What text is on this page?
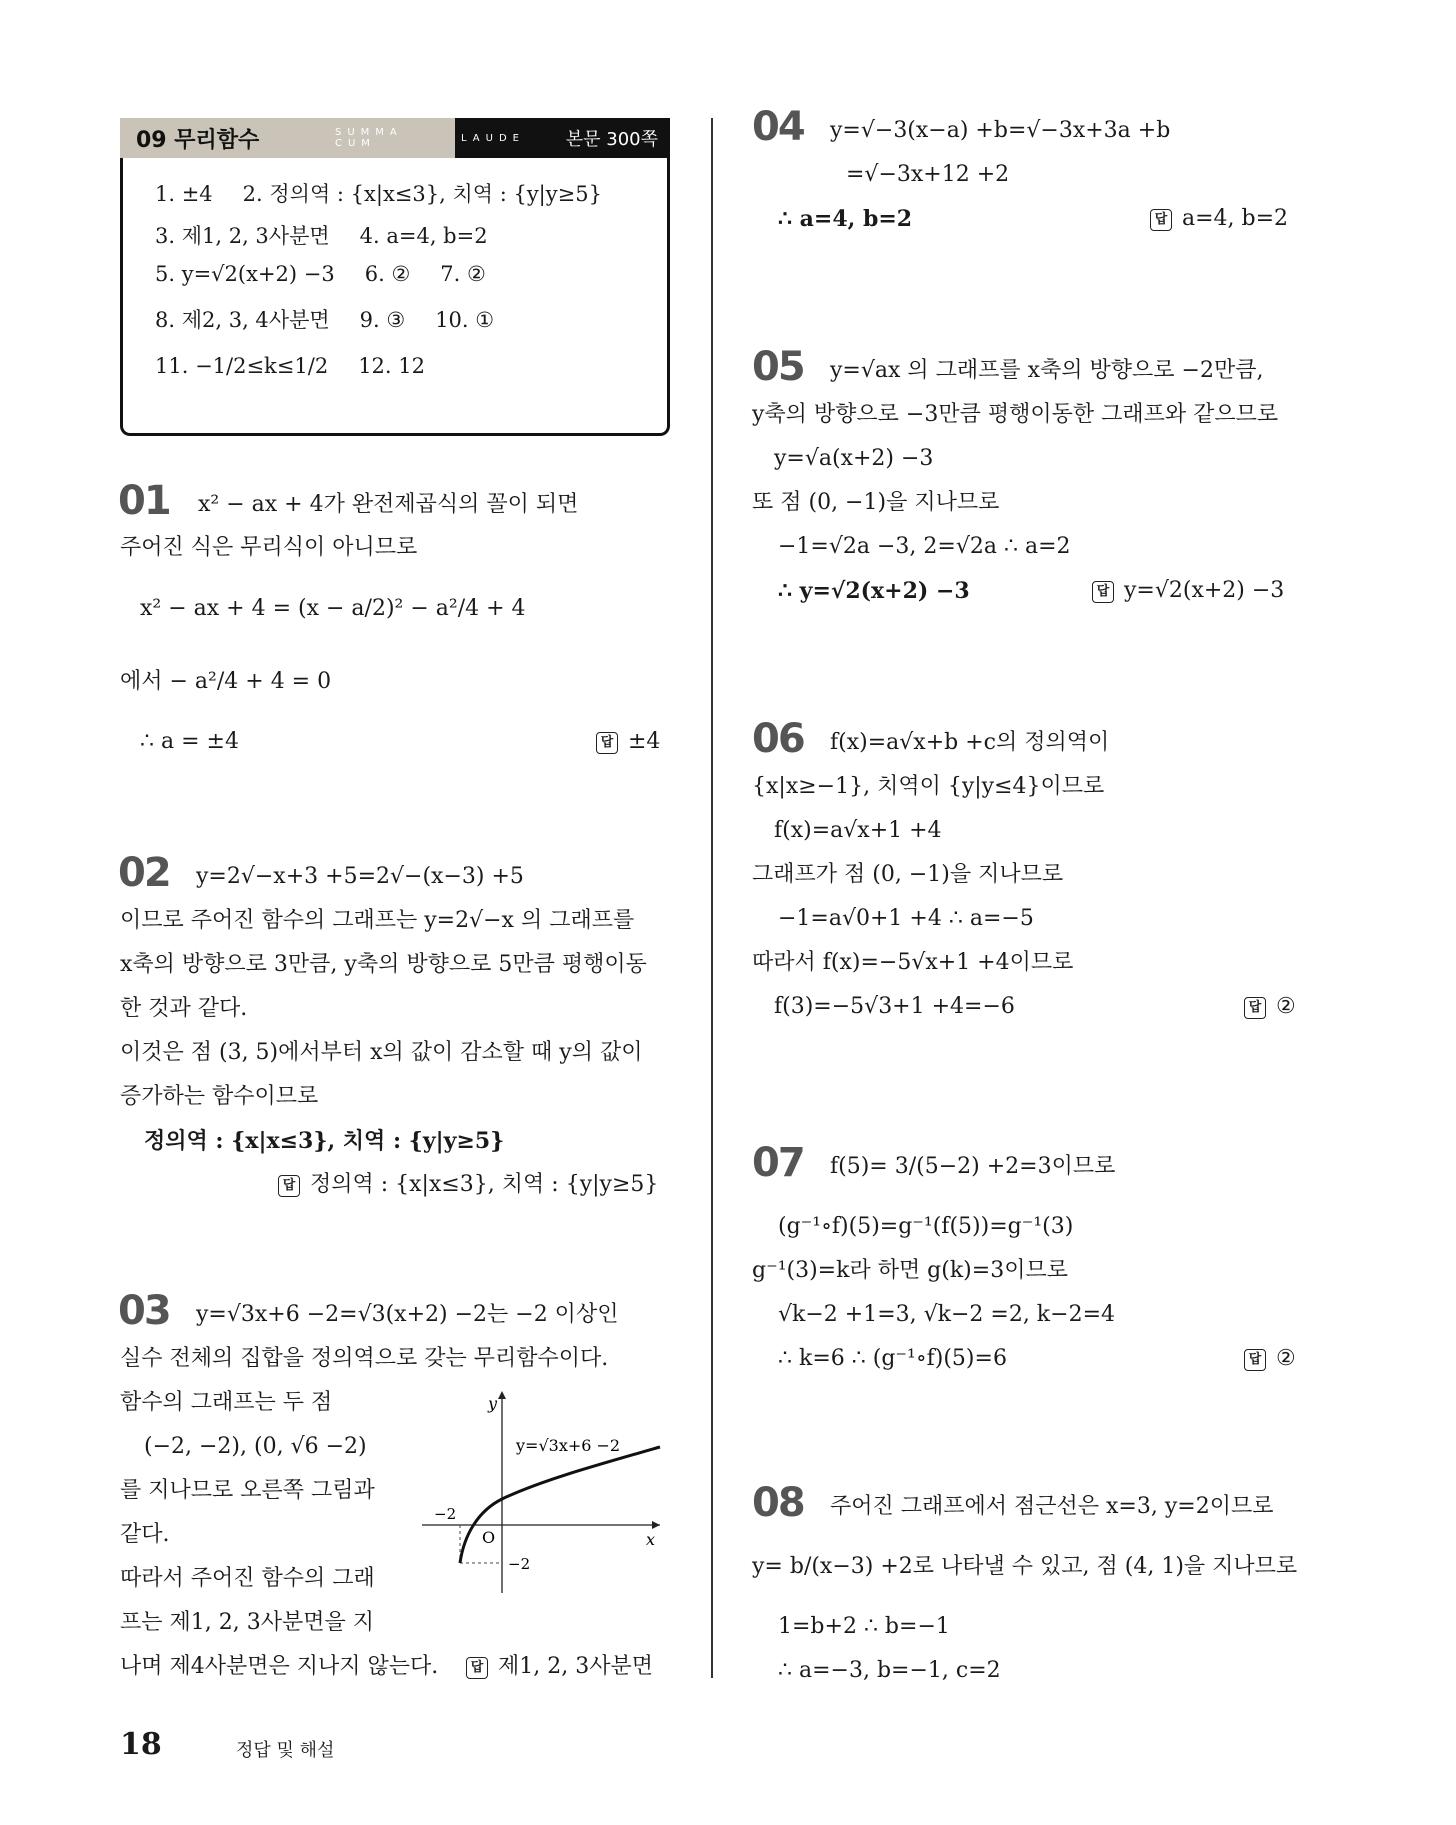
09 무리함수	SUMMA CUM	LAUDE 본문 300쪽
1. ±4 2. 정의역 : {x|x≤3}, 치역 : {y|y≥5}
3. 제1, 2, 3사분면 4. a=4, b=2
5. y=√2(x+2) −3 6. ② 7. ②
8. 제2, 3, 4사분면 9. ③ 10. ①
11. −1/2≤k≤1/2 12. 12
01 x² − ax + 4가 완전제곱식의 꼴이 되면
주어진 식은 무리식이 아니므로
x² − ax + 4 = (x − a/2)² − a²/4 + 4
에서 − a²/4 + 4 = 0
∴ a = ±4	답 ±4
02 y=2√−x+3 +5=2√−(x−3) +5
이므로 주어진 함수의 그래프는 y=2√−x 의 그래프를
x축의 방향으로 3만큼, y축의 방향으로 5만큼 평행이동
한 것과 같다.
이것은 점 (3, 5)에서부터 x의 값이 감소할 때 y의 값이
증가하는 함수이므로
정의역 : {x|x≤3}, 치역 : {y|y≥5}
답 정의역 : {x|x≤3}, 치역 : {y|y≥5}
03 y=√3x+6 −2=√3(x+2) −2는 −2 이상인
실수 전체의 집합을 정의역으로 갖는 무리함수이다.
함수의 그래프는 두 점
(−2, −2), (0, √6 −2)
를 지나므로 오른쪽 그림과
같다.
따라서 주어진 함수의 그래
프는 제1, 2, 3사분면을 지
나며 제4사분면은 지나지 않는다.	답 제1, 2, 3사분면
y=√3x+6 −2
y
x
O
−2
−2
04 y=√−3(x−a) +b=√−3x+3a +b
=√−3x+12 +2
∴ a=4, b=2	답 a=4, b=2
05 y=√ax 의 그래프를 x축의 방향으로 −2만큼,
y축의 방향으로 −3만큼 평행이동한 그래프와 같으므로
y=√a(x+2) −3
또 점 (0, −1)을 지나므로
−1=√2a −3, 2=√2a ∴ a=2
∴ y=√2(x+2) −3	답 y=√2(x+2) −3
06 f(x)=a√x+b +c의 정의역이
{x|x≥−1}, 치역이 {y|y≤4}이므로
f(x)=a√x+1 +4
그래프가 점 (0, −1)을 지나므로
−1=a√0+1 +4 ∴ a=−5
따라서 f(x)=−5√x+1 +4이므로
f(3)=−5√3+1 +4=−6	답 ②
07 f(5)= 3/(5−2) +2=3이므로
(g⁻¹∘f)(5)=g⁻¹(f(5))=g⁻¹(3)
g⁻¹(3)=k라 하면 g(k)=3이므로
√k−2 +1=3, √k−2 =2, k−2=4
∴ k=6 ∴ (g⁻¹∘f)(5)=6	답 ②
08 주어진 그래프에서 점근선은 x=3, y=2이므로
y= b/(x−3) +2로 나타낼 수 있고, 점 (4, 1)을 지나므로
1=b+2 ∴ b=−1
∴ a=−3, b=−1, c=2
18	정답 및 해설
